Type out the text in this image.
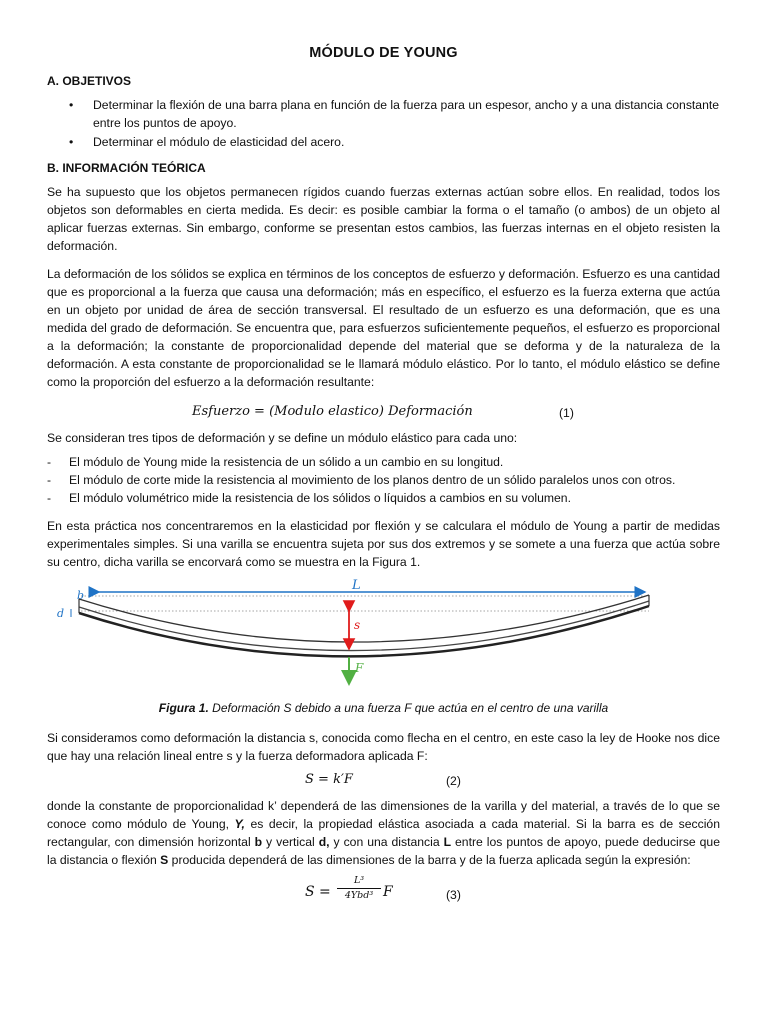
MÓDULO DE YOUNG
A. OBJETIVOS
• Determinar la flexión de una barra plana en función de la fuerza para un espesor, ancho y a una distancia constante entre los puntos de apoyo.
• Determinar el módulo de elasticidad del acero.
B. INFORMACIÓN TEÓRICA

Se ha supuesto que los objetos permanecen rígidos cuando fuerzas externas actúan sobre ellos. En realidad, todos los objetos son deformables en cierta medida. Es decir: es posible cambiar la forma o el tamaño (o ambos) de un objeto al aplicar fuerzas externas. Sin embargo, conforme se presentan estos cambios, las fuerzas internas en el objeto resisten la deformación.

La deformación de los sólidos se explica en términos de los conceptos de esfuerzo y deformación. Esfuerzo es una cantidad que es proporcional a la fuerza que causa una deformación; más en específico, el esfuerzo es la fuerza externa que actúa en un objeto por unidad de área de sección transversal. El resultado de un esfuerzo es una deformación, que es una medida del grado de deformación. Se encuentra que, para esfuerzos suficientemente pequeños, el esfuerzo es proporcional a la deformación; la constante de proporcionalidad depende del material que se deforma y de la naturaleza de la deformación. A esta constante de proporcionalidad se le llamará módulo elástico. Por lo tanto, el módulo elástico se define como la proporción del esfuerzo a la deformación resultante:

Esfuerzo = (Modulo elastico) Deformación	(1)

Se consideran tres tipos de deformación y se define un módulo elástico para cada uno:

- El módulo de Young mide la resistencia de un sólido a un cambio en su longitud.
- El módulo de corte mide la resistencia al movimiento de los planos dentro de un sólido paralelos unos con otros.
- El módulo volumétrico mide la resistencia de los sólidos o líquidos a cambios en su volumen.

En esta práctica nos concentraremos en la elasticidad por flexión y se calculara el módulo de Young a partir de medidas experimentales simples. Si una varilla se encuentra sujeta por sus dos extremos y se somete a una fuerza que actúa sobre su centro, dicha varilla se encorvará como se muestra en la Figura 1.

L
b
d
s
F
Figura 1. Deformación S debido a una fuerza F que actúa en el centro de una varilla

Si consideramos como deformación la distancia s, conocida como flecha en el centro, en este caso la ley de Hooke nos dice que hay una relación lineal entre s y la fuerza deformadora aplicada F:

S = k′F	(2)

donde la constante de proporcionalidad k’ dependerá de las dimensiones de la varilla y del material, a través de lo que se conoce como módulo de Young, Y, es decir, la propiedad elástica asociada a cada material. Si la barra es de sección rectangular, con dimensión horizontal b y vertical d, y con una distancia L entre los puntos de apoyo, puede deducirse que la distancia o flexión S producida dependerá de las dimensiones de la barra y de la fuerza aplicada según la expresión:

S =
L³
4Ybd³ F	(3)
